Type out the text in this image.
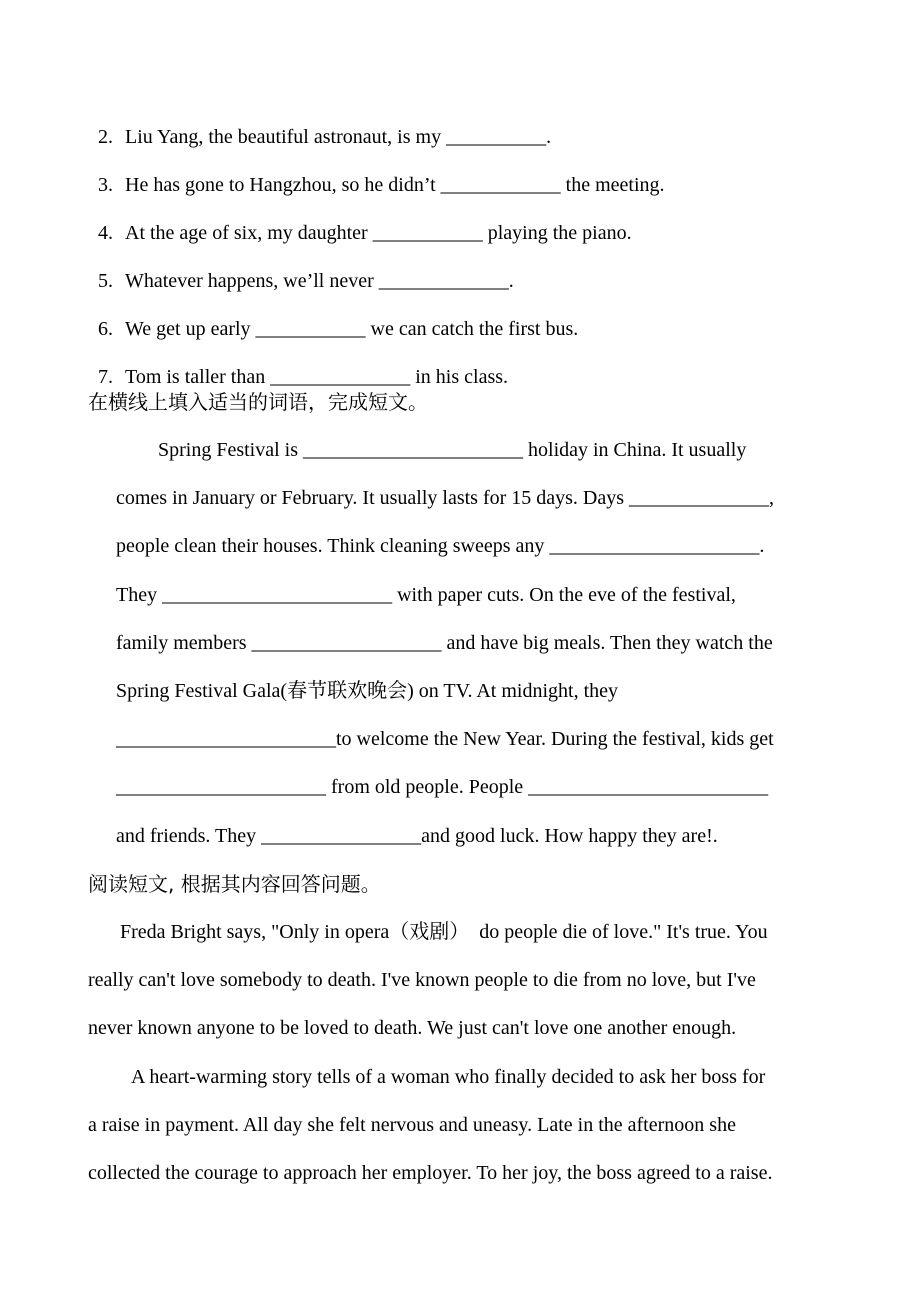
2. Liu Yang, the beautiful astronaut, is my __________.

3. He has gone to Hangzhou, so he didn’t ____________ the meeting.

4. At the age of six, my daughter ___________ playing the piano.

5. Whatever happens, we’ll never _____________.

6. We get up early ___________ we can catch the first bus.

7. Tom is taller than ______________ in his class.

在横线上填入适当的词语，完成短文。
Spring Festival is ______________________ holiday in China. It usually
comes in January or February. It usually lasts for 15 days. Days ______________,
people clean their houses. Think cleaning sweeps any _____________________.
They _______________________ with paper cuts. On the eve of the festival,
family members ___________________ and have big meals. Then they watch the
Spring Festival Gala(春节联欢晚会) on TV. At midnight, they
______________________to welcome the New Year. During the festival, kids get
_____________________ from old people. People ________________________
and friends. They ________________and good luck. How happy they are!.
阅读短文, 根据其内容回答问题。
Freda Bright says, "Only in opera（戏剧）  do people die of love." It's true. You
really can't love somebody to death. I've known people to die from no love, but I've
never known anyone to be loved to death. We just can't love one another enough.
A heart-warming story tells of a woman who finally decided to ask her boss for
a raise in payment. All day she felt nervous and uneasy. Late in the afternoon she
collected the courage to approach her employer. To her joy, the boss agreed to a raise.
